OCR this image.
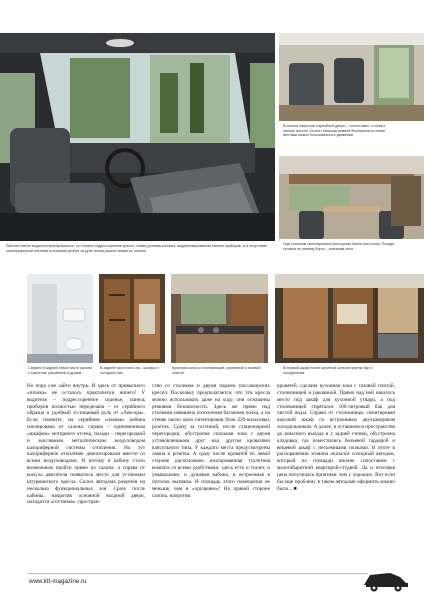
Рабочее место водителя преобразилось: тут теперь подрессоренное кресло, новая рулевая колонка, модернизированная панель приборов. А в отсутствие каллориферной системы отопления пройти за руль теперь можно прямо из салона

В салоне напротив служебной двери – «столо-вая»: столик и четыре кресла. За счёт наличия ремней безопасности этими местами можно пользоваться в движении

Над столиком смонтирована просторная багаж-ная полка. Позади столика по левому борту – спальная зона

Санузел в задней левой части салона с туалетом, раковиной и душем

В задней части сало-на – шкафы и холодиль-ник

Кухонная зона со столешницей, раковиной и газовой плитой

В первый шкаф после кухонной зоны встроены бар и холодильник

Но пора уже зайти внутрь. И здесь от привычного «пазика» не осталось практически ничего! У водителя – подрессоренное сиденье, панель приборов полностью переделана – от серийного образца и удобный 4-спицевый руль от «Лексора». Если помните, на серийном «пазике» кабина изолирована от салона: справа – одноименным «шкафом» моторного отсека, позади – перегородкой и массивным металлическим воздуховодом калориферной системы отопления. Но тут калориферное отопление демонтировали вместе со всеми воздуховодами. И потому в кабину стало возможным пройти прямо из салона, а справа от кожуха двигателя появилось место для установки штурманского кресла. Салон автодома разделён на несколько функциональных зон. Сразу после кабины, напротив основной входной двери, находится «гостиная»: простран-

ство со столиком и двумя парами пассажирских кресел. Поскольку предполагается, что эти кресла можно использовать даже на ходу, они оснащены ремнями безопасности. Здесь же прямо над столиком навешена потолочная багажная полка, а на стенке около окна смонтирован блок 220-вольтовых розеток. Сразу за гостиной, после стационарной перегородки, обустроена спальная зона с двумя установленными друг над другом кроватями капсульного типа. У каждого места предусмотрены лампа и розетка. А сразу после кроватей по левой стороне расположена изолированная туалетная комната со всеми удобствами: здесь есть и туалет, и умывальник, и душевая кабина, и встроенная в потолок вытяжка. И площадь этого помещения не меньше, чем в «хрущевке»! На правой стороне салона, напротив

кроватей, сделана кухонная зона с газовой плитой, столешницей и раковиной. Прямо над ней нашлось место под шкаф для кухонной утвари, а под столешницей спрятался 100-литровый бак для чистой воды. Справа от столешницы смонтирован высокий шкаф со встроенным двухкамерным холодильником. А далее, в оставшемся пространстве до запасного выхода и у задней стенки, обустроена кладовка, где поместились бельевой гардероб и вещевой шкаф с несъемными полками. В итоге в распоряжении хозяина оказался солидный автодом, который по площади вполне сопоставим с малогабаритной квартирой-студией. Да и итоговая цена получилась приятная: чем у хороших. Вот если бы еще проблему в таком автодоме оформить можно было... ■

www.ktt-magazine.ru
